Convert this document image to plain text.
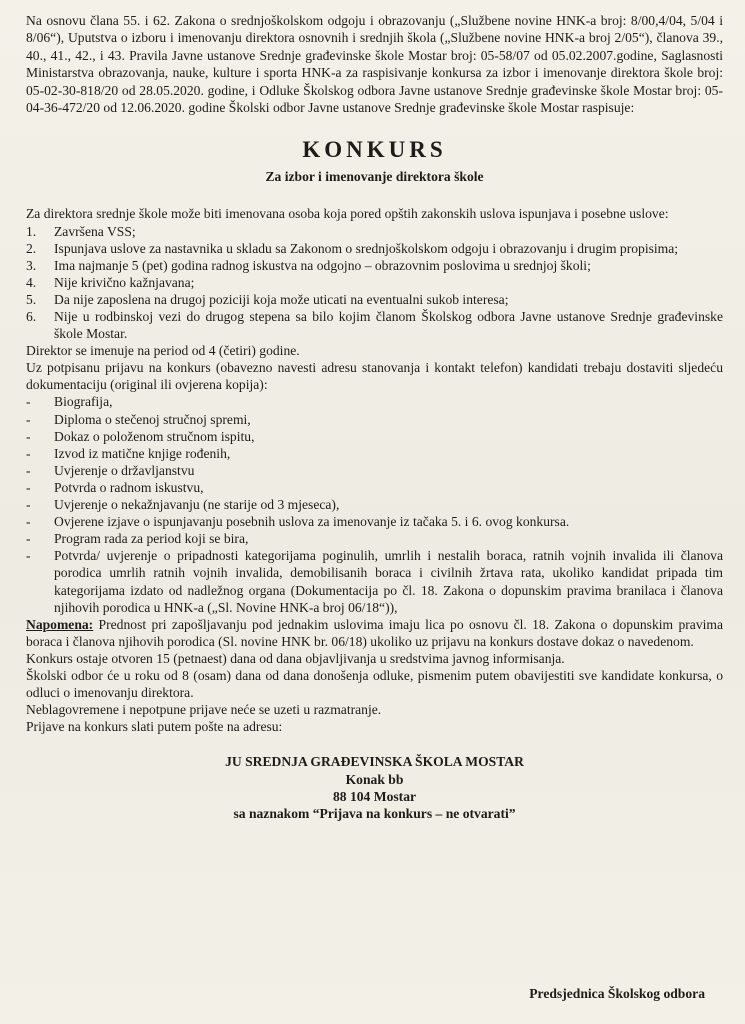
Na osnovu člana 55. i 62. Zakona o srednjoškolskom odgoju i obrazovanju („Službene novine HNK-a broj: 8/00,4/04, 5/04 i 8/06“), Uputstva o izboru i imenovanju direktora osnovnih i srednjih škola („Službene novine HNK-a broj 2/05“), članova 39., 40., 41., 42., i 43. Pravila Javne ustanove Srednje građevinske škole Mostar broj: 05-58/07 od 05.02.2007.godine, Saglasnosti Ministarstva obrazovanja, nauke, kulture i sporta HNK-a za raspisivanje konkursa za izbor i imenovanje direktora škole broj: 05-02-30-818/20 od 28.05.2020. godine, i Odluke Školskog odbora Javne ustanove Srednje građevinske škole Mostar broj: 05-04-36-472/20 od 12.06.2020. godine Školski odbor Javne ustanove Srednje građevinske škole Mostar raspisuje:

KONKURS
Za izbor i imenovanje direktora škole

Za direktora srednje škole može biti imenovana osoba koja pored opštih zakonskih uslova ispunjava i posebne uslove:

1.	Završena VSS;
2.	Ispunjava uslove za nastavnika u skladu sa Zakonom o srednjoškolskom odgoju i obrazovanju i drugim propisima;
3.	Ima najmanje 5 (pet) godina radnog iskustva na odgojno – obrazovnim poslovima u srednjoj školi;
4.	Nije krivično kažnjavana;
5.	Da nije zaposlena na drugoj poziciji koja može uticati na eventualni sukob interesa;
6.	Nije u rodbinskoj vezi do drugog stepena sa bilo kojim članom Školskog odbora Javne ustanove Srednje građevinske škole Mostar.

Direktor se imenuje na period od 4 (četiri) godine.

Uz potpisanu prijavu na konkurs (obavezno navesti adresu stanovanja i kontakt telefon) kandidati trebaju dostaviti sljedeću dokumentaciju (original ili ovjerena kopija):

-	Biografija,
-	Diploma o stečenoj stručnoj spremi,
-	Dokaz o položenom stručnom ispitu,
-	Izvod iz matične knjige rođenih,
-	Uvjerenje o državljanstvu
-	Potvrda o radnom iskustvu,
-	Uvjerenje o nekažnjavanju (ne starije od 3 mjeseca),
-	Ovjerene izjave o ispunjavanju posebnih uslova za imenovanje iz tačaka 5. i 6. ovog konkursa.
-	Program rada za period koji se bira,
-	Potvrda/ uvjerenje o pripadnosti kategorijama poginulih, umrlih i nestalih boraca, ratnih vojnih invalida ili članova porodica umrlih ratnih vojnih invalida, demobilisanih boraca i civilnih žrtava rata, ukoliko kandidat pripada tim kategorijama izdato od nadležnog organa (Dokumentacija po čl. 18. Zakona o dopunskim pravima branilaca i članova njihovih porodica u HNK-a („Sl. Novine HNK-a broj 06/18“)),

Napomena: Prednost pri zapošljavanju pod jednakim uslovima imaju lica po osnovu čl. 18. Zakona o dopunskim pravima boraca i članova njihovih porodica (Sl. novine HNK br. 06/18) ukoliko uz prijavu na konkurs dostave dokaz o navedenom.

Konkurs ostaje otvoren 15 (petnaest) dana od dana objavljivanja u sredstvima javnog informisanja.

Školski odbor će u roku od 8 (osam) dana od dana donošenja odluke, pismenim putem obavijestiti sve kandidate konkursa, o odluci o imenovanju direktora.

Neblagovremene i nepotpune prijave neće se uzeti u razmatranje.

Prijave na konkurs slati putem pošte na adresu:

JU SREDNJA GRAĐEVINSKA ŠKOLA MOSTAR
Konak bb
88 104 Mostar
sa naznakom “Prijava na konkurs – ne otvarati”
Predsjednica Školskog odbora
